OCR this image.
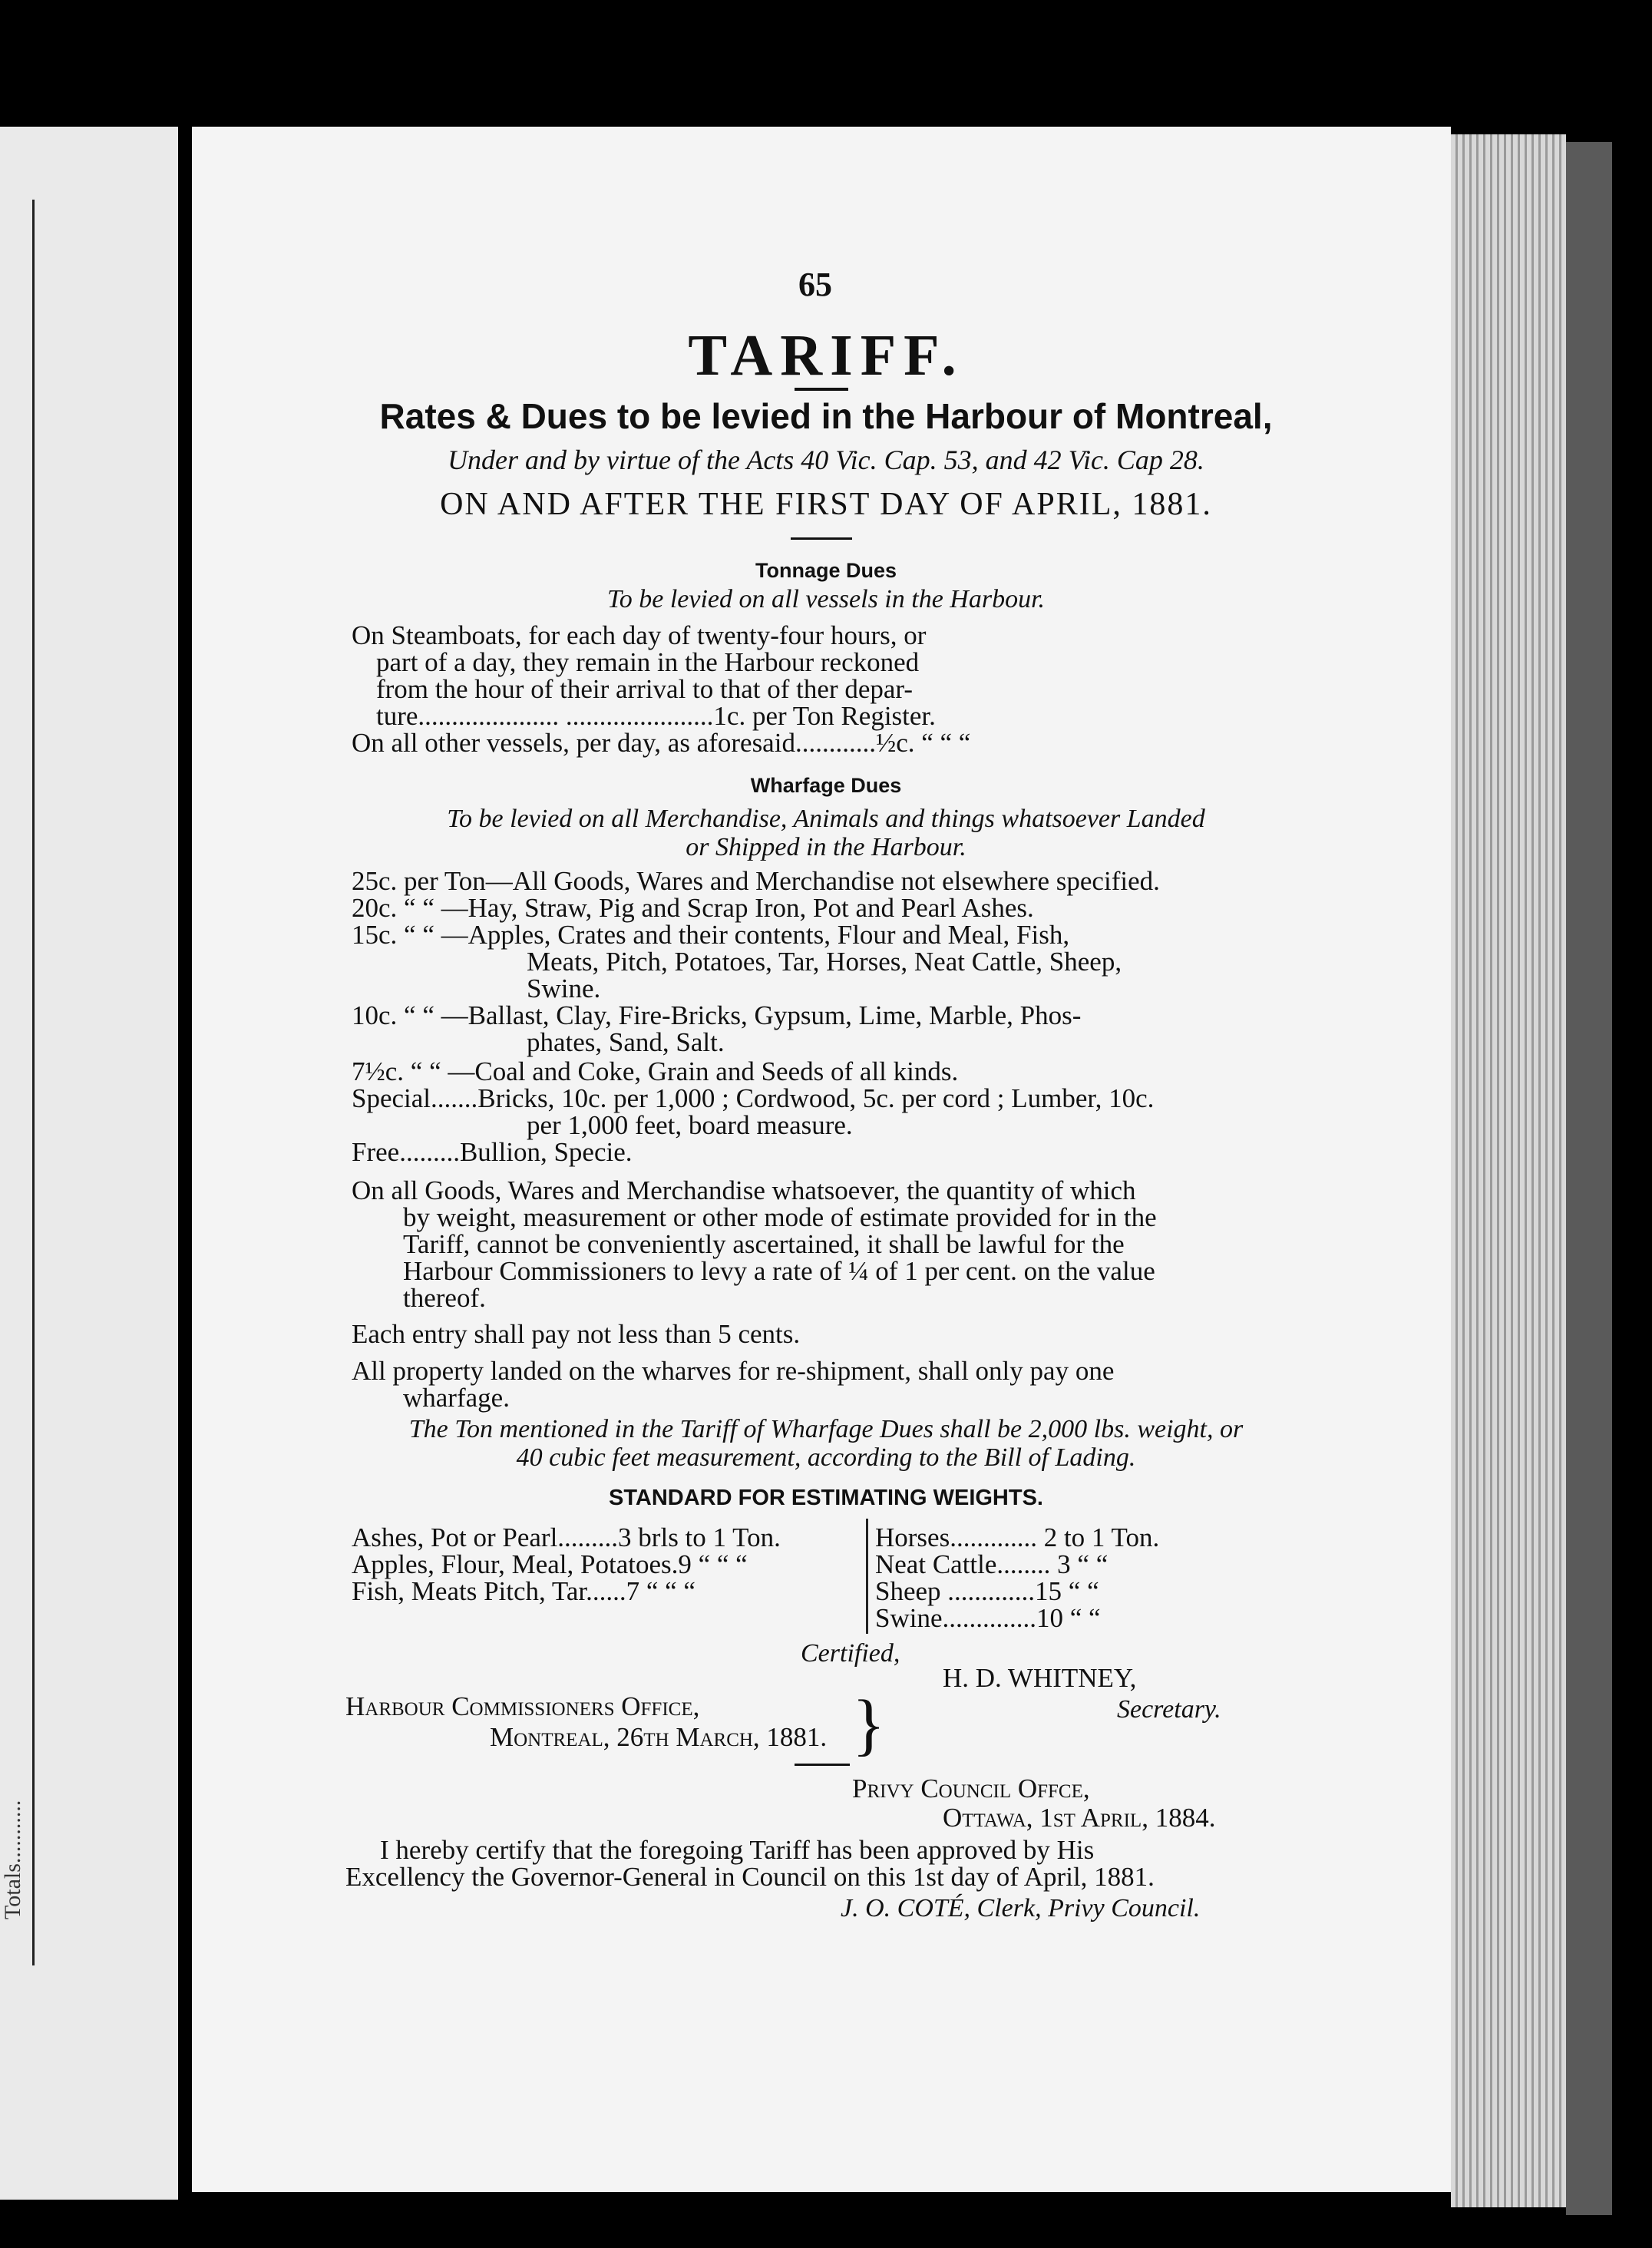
Totals...........
65
TARIFF.
Rates & Dues to be levied in the Harbour of Montreal,
Under and by virtue of the Acts 40 Vic. Cap. 53, and 42 Vic. Cap 28.
ON AND AFTER THE FIRST DAY OF APRIL, 1881.
Tonnage Dues
To be levied on all vessels in the Harbour.
On Steamboats, for each day of twenty-four hours, or
part of a day, they remain in the Harbour reckoned
from the hour of their arrival to that of ther depar-
ture..................... ......................1c. per Ton Register.
On all other vessels, per day, as aforesaid............½c. “ “ “
Wharfage Dues
To be levied on all Merchandise, Animals and things whatsoever Landed
or Shipped in the Harbour.
25c. per Ton—All Goods, Wares and Merchandise not elsewhere specified.
20c. “ “ —Hay, Straw, Pig and Scrap Iron, Pot and Pearl Ashes.
15c. “ “ —Apples, Crates and their contents, Flour and Meal, Fish,
Meats, Pitch, Potatoes, Tar, Horses, Neat Cattle, Sheep,
Swine.
10c. “ “ —Ballast, Clay, Fire-Bricks, Gypsum, Lime, Marble, Phos-
phates, Sand, Salt.
7½c. “ “ —Coal and Coke, Grain and Seeds of all kinds.
Special.......Bricks, 10c. per 1,000 ; Cordwood, 5c. per cord ; Lumber, 10c.
per 1,000 feet, board measure.
Free.........Bullion, Specie.
On all Goods, Wares and Merchandise whatsoever, the quantity of which
by weight, measurement or other mode of estimate provided for in the
Tariff, cannot be conveniently ascertained, it shall be lawful for the
Harbour Commissioners to levy a rate of ¼ of 1 per cent. on the value
thereof.
Each entry shall pay not less than 5 cents.
All property landed on the wharves for re-shipment, shall only pay one
wharfage.
The Ton mentioned in the Tariff of Wharfage Dues shall be 2,000 lbs. weight, or
40 cubic feet measurement, according to the Bill of Lading.
STANDARD FOR ESTIMATING WEIGHTS.
Ashes, Pot or Pearl.........3 brls to 1 Ton.
Apples, Flour, Meal, Potatoes.9 “ “ “
Fish, Meats Pitch, Tar......7 “ “ “
Horses............. 2 to 1 Ton.
Neat Cattle........ 3 “ “
Sheep .............15 “ “
Swine..............10 “ “
Certified,
H. D. WHITNEY,
Secretary.
Harbour Commissioners Office,
Montreal, 26th March, 1881. }
Privy Council Offce,
Ottawa, 1st April, 1884.
I hereby certify that the foregoing Tariff has been approved by His
Excellency the Governor-General in Council on this 1st day of April, 1881.
J. O. COTÉ, Clerk, Privy Council.
